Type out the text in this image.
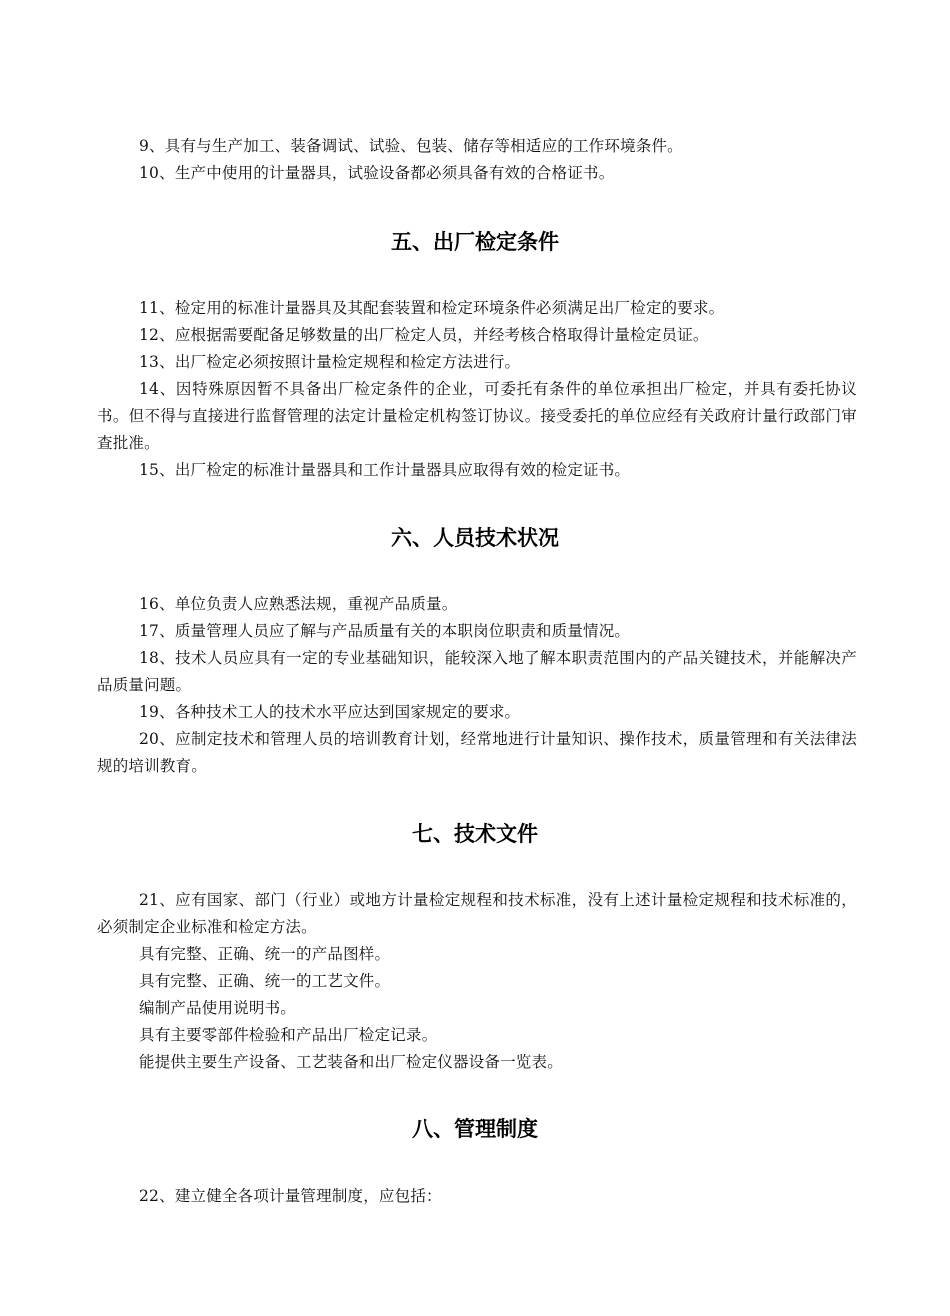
9、具有与生产加工、装备调试、试验、包装、储存等相适应的工作环境条件。

10、生产中使用的计量器具，试验设备都必须具备有效的合格证书。

五、出厂检定条件

11、检定用的标准计量器具及其配套装置和检定环境条件必须满足出厂检定的要求。

12、应根据需要配备足够数量的出厂检定人员，并经考核合格取得计量检定员证。

13、出厂检定必须按照计量检定规程和检定方法进行。

14、因特殊原因暂不具备出厂检定条件的企业，可委托有条件的单位承担出厂检定，并具有委托协议书。但不得与直接进行监督管理的法定计量检定机构签订协议。接受委托的单位应经有关政府计量行政部门审查批准。

15、出厂检定的标准计量器具和工作计量器具应取得有效的检定证书。

六、人员技术状况

16、单位负责人应熟悉法规，重视产品质量。

17、质量管理人员应了解与产品质量有关的本职岗位职责和质量情况。

18、技术人员应具有一定的专业基础知识，能较深入地了解本职责范围内的产品关键技术，并能解决产品质量问题。

19、各种技术工人的技术水平应达到国家规定的要求。

20、应制定技术和管理人员的培训教育计划，经常地进行计量知识、操作技术，质量管理和有关法律法规的培训教育。

七、技术文件

21、应有国家、部门（行业）或地方计量检定规程和技术标准，没有上述计量检定规程和技术标准的，必须制定企业标准和检定方法。

具有完整、正确、统一的产品图样。

具有完整、正确、统一的工艺文件。

编制产品使用说明书。

具有主要零部件检验和产品出厂检定记录。

能提供主要生产设备、工艺装备和出厂检定仪器设备一览表。

八、管理制度

22、建立健全各项计量管理制度，应包括：
